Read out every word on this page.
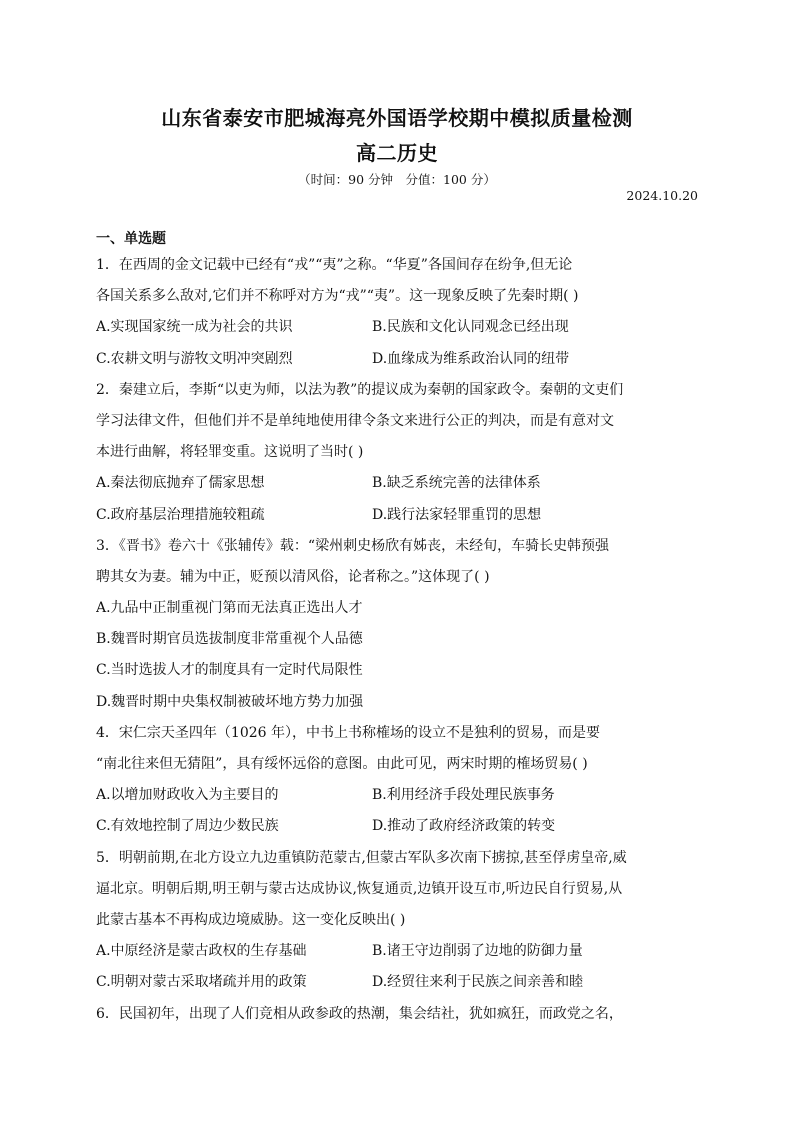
山东省泰安市肥城海亮外国语学校期中模拟质量检测
高二历史
（时间：90 分钟　分值：100 分）
2024.10.20
一、单选题
1．在西周的金文记载中已经有“戎”“夷”之称。“华夏”各国间存在纷争,但无论
各国关系多么敌对,它们并不称呼对方为“戎”“夷”。这一现象反映了先秦时期( )
A.实现国家统一成为社会的共识	B.民族和文化认同观念已经出现
C.农耕文明与游牧文明冲突剧烈	D.血缘成为维系政治认同的纽带
2．秦建立后，李斯“以吏为师，以法为教”的提议成为秦朝的国家政令。秦朝的文吏们
学习法律文件，但他们并不是单纯地使用律令条文来进行公正的判决，而是有意对文
本进行曲解，将轻罪变重。这说明了当时( )
A.秦法彻底抛弃了儒家思想	B.缺乏系统完善的法律体系
C.政府基层治理措施较粗疏	D.践行法家轻罪重罚的思想
3．《晋书》卷六十《张辅传》载：“梁州刺史杨欣有姊丧，未经旬，车骑长史韩预强
聘其女为妻。辅为中正，贬预以清风俗，论者称之。”这体现了( )
A.九品中正制重视门第而无法真正选出人才
B.魏晋时期官员选拔制度非常重视个人品德
C.当时选拔人才的制度具有一定时代局限性
D.魏晋时期中央集权制被破坏地方势力加强
4．宋仁宗天圣四年（1026 年），中书上书称榷场的设立不是独利的贸易，而是要
“南北往来但无猜阻”，具有绥怀远俗的意图。由此可见，两宋时期的榷场贸易( )
A.以增加财政收入为主要目的	B.利用经济手段处理民族事务
C.有效地控制了周边少数民族	D.推动了政府经济政策的转变
5．明朝前期,在北方设立九边重镇防范蒙古,但蒙古军队多次南下掳掠,甚至俘虏皇帝,威
逼北京。明朝后期,明王朝与蒙古达成协议,恢复通贡,边镇开设互市,听边民自行贸易,从
此蒙古基本不再构成边境威胁。这一变化反映出( )
A.中原经济是蒙古政权的生存基础	B.诸王守边削弱了边地的防御力量
C.明朝对蒙古采取堵疏并用的政策	D.经贸往来利于民族之间亲善和睦
6．民国初年，出现了人们竞相从政参政的热潮，集会结社，犹如疯狂，而政党之名，
